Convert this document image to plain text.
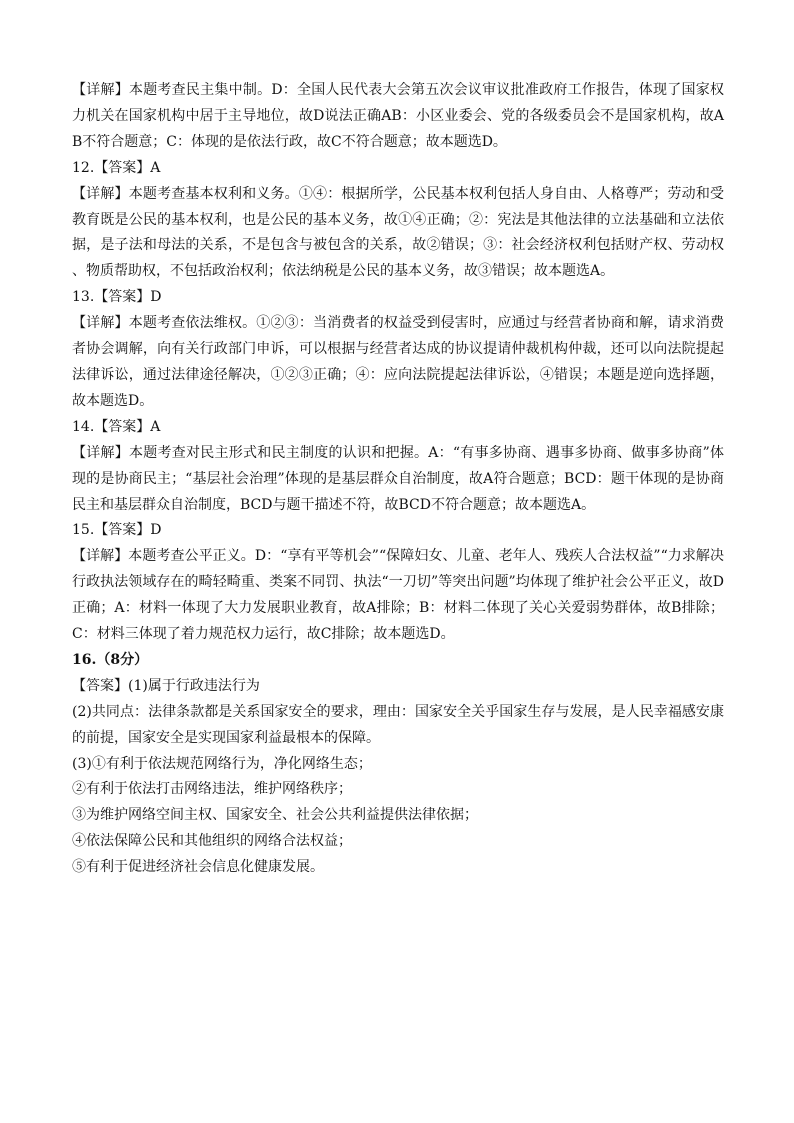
【详解】本题考查民主集中制。D：全国人民代表大会第五次会议审议批准政府工作报告，体现了国家权力机关在国家机构中居于主导地位，故D说法正确AB：小区业委会、党的各级委员会不是国家机构，故AB不符合题意；C：体现的是依法行政，故C不符合题意；故本题选D。

12.【答案】A

【详解】本题考查基本权利和义务。①④：根据所学，公民基本权利包括人身自由、人格尊严；劳动和受教育既是公民的基本权利，也是公民的基本义务，故①④正确；②：宪法是其他法律的立法基础和立法依据，是子法和母法的关系，不是包含与被包含的关系，故②错误；③：社会经济权利包括财产权、劳动权、物质帮助权，不包括政治权利；依法纳税是公民的基本义务，故③错误；故本题选A。

13.【答案】D

【详解】本题考查依法维权。①②③：当消费者的权益受到侵害时，应通过与经营者协商和解，请求消费者协会调解，向有关行政部门申诉，可以根据与经营者达成的协议提请仲裁机构仲裁，还可以向法院提起法律诉讼，通过法律途径解决，①②③正确；④：应向法院提起法律诉讼，④错误；本题是逆向选择题，故本题选D。

14.【答案】A

【详解】本题考查对民主形式和民主制度的认识和把握。A：“有事多协商、遇事多协商、做事多协商”体现的是协商民主；“基层社会治理”体现的是基层群众自治制度，故A符合题意；BCD：题干体现的是协商民主和基层群众自治制度，BCD与题干描述不符，故BCD不符合题意；故本题选A。

15.【答案】D

【详解】本题考查公平正义。D：“享有平等机会”“保障妇女、儿童、老年人、残疾人合法权益”“力求解决行政执法领域存在的畸轻畸重、类案不同罚、执法“一刀切”等突出问题”均体现了维护社会公平正义，故D正确；A：材料一体现了大力发展职业教育，故A排除；B：材料二体现了关心关爱弱势群体，故B排除；C：材料三体现了着力规范权力运行，故C排除；故本题选D。

16.（8分）

【答案】(1)属于行政违法行为

(2)共同点：法律条款都是关系国家安全的要求，理由：国家安全关乎国家生存与发展，是人民幸福感安康的前提，国家安全是实现国家利益最根本的保障。

(3)①有利于依法规范网络行为，净化网络生态；

②有利于依法打击网络违法，维护网络秩序；

③为维护网络空间主权、国家安全、社会公共利益提供法律依据；

④依法保障公民和其他组织的网络合法权益；

⑤有利于促进经济社会信息化健康发展。
